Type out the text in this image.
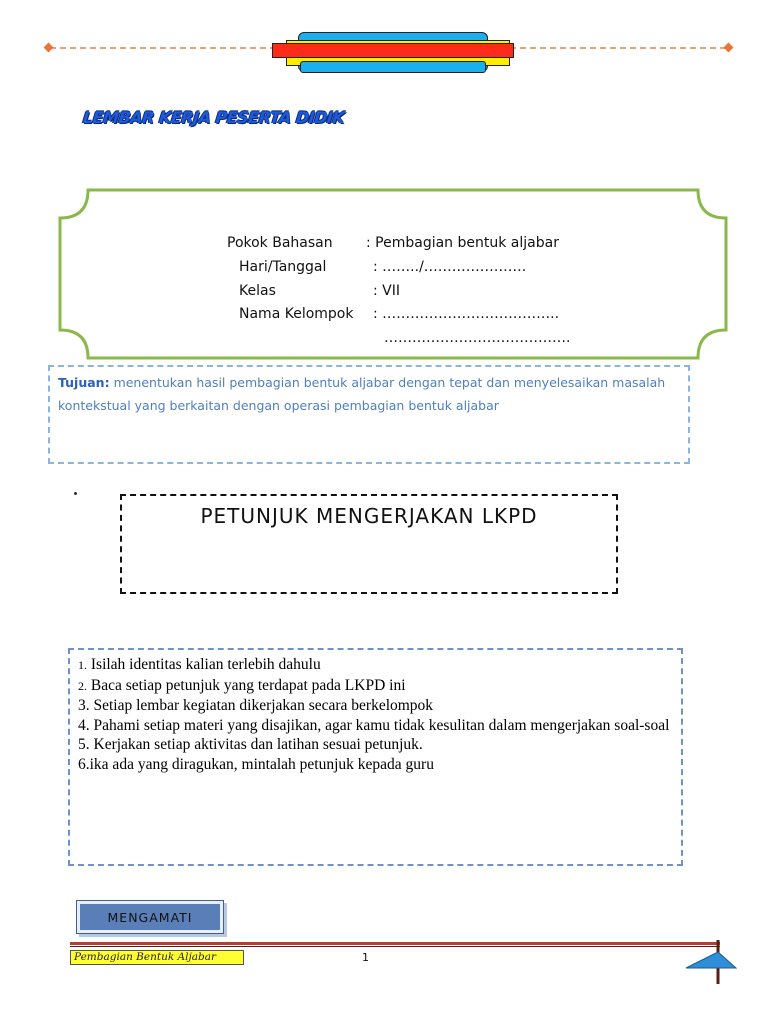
LEMBAR KERJA PESERTA DIDIK
Pokok Bahasan : Pembagian bentuk aljabar
Hari/Tanggal	: ……../………………….
Kelas	: VII
Nama Kelompok : ………………………………..
………………………………….
Tujuan: menentukan hasil pembagian bentuk aljabar dengan tepat dan menyelesaikan masalah kontekstual yang berkaitan dengan operasi pembagian bentuk aljabar
PETUNJUK MENGERJAKAN LKPD
1. Isilah identitas kalian terlebih dahulu
2. Baca setiap petunjuk yang terdapat pada LKPD ini
3. Setiap lembar kegiatan dikerjakan secara berkelompok
4. Pahami setiap materi yang disajikan, agar kamu tidak kesulitan dalam mengerjakan soal-soal
5. Kerjakan setiap aktivitas dan latihan sesuai petunjuk.
6.ika ada yang diragukan, mintalah petunjuk kepada guru
MENGAMATI
Pembagian Bentuk Aljabar	1
